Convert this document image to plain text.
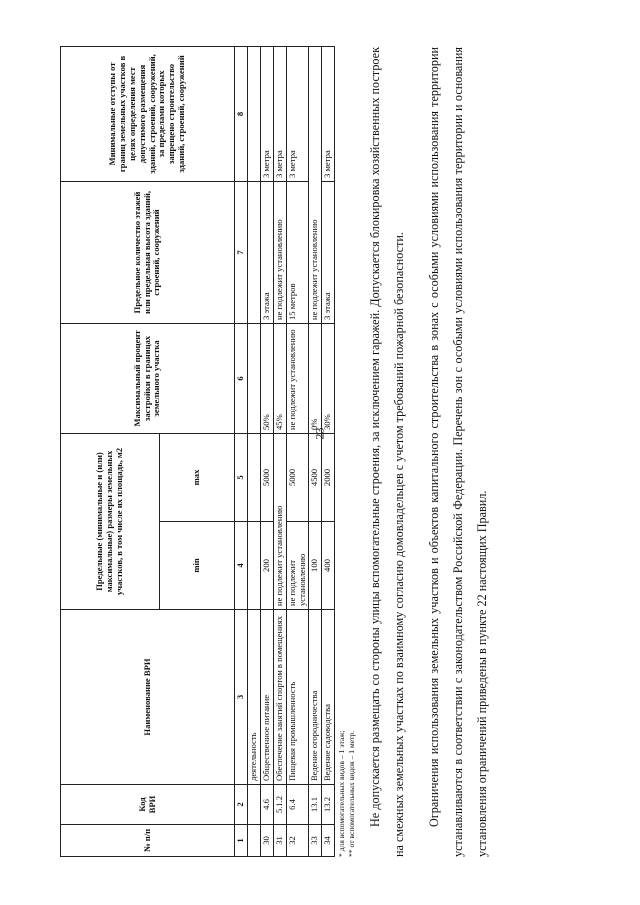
23
№ п/п	Код ВРИ	Наименование ВРИ	Предельные (минимальные и (или) максимальные) размеры земельных участков, в том числе их площадь, м2		Максимальный процент застройки в границах земельного участка	Предельное количество этажей или предельная высота зданий, строений, сооружений	Минимальные отступы от границ земельных участков в целях определения мест допустимого размещения зданий, строений, сооружений, за пределами которых запрещено строительство зданий, строений, сооружений
			min	max			
1	2	3	4	5	6	7	8
		деятельность					
30	4.6	Общественное питание	200	5000	50%	3 этажа	3 метра
31	5.1.2	Обеспечение занятий спортом в помещениях	не подлежит установлению		45%	не подлежит установлению	3 метра
32	6.4	Пищевая промышленность	не подлежит установлению	5000	не подлежит установлению	15 метров	3 метра
33	13.1	Ведение огородничества	100	4500	0%	не подлежит установлению	
34	13.2	Ведение садоводства	400	2000	30%	3 этажа	3 метра
* для вспомогательных видов – 1 этаж; ** от вспомогательных видов – 1 метр. Не допускается размещать со стороны улицы вспомогательные строения, за исключением гаражей. Допускается блокировка хозяйственных построек на смежных земельных участках по взаимному согласию домовладельцев с учетом требований пожарной безопасности.	Ограничения использования земельных участков и объектов капитального строительства в зонах с особыми условиями использования территории устанавливаются в соответствии с законодательством Российской Федерации. Перечень зон с особыми условиями использования территории и основания установления ограничений приведены в пункте 22 настоящих Правил.
